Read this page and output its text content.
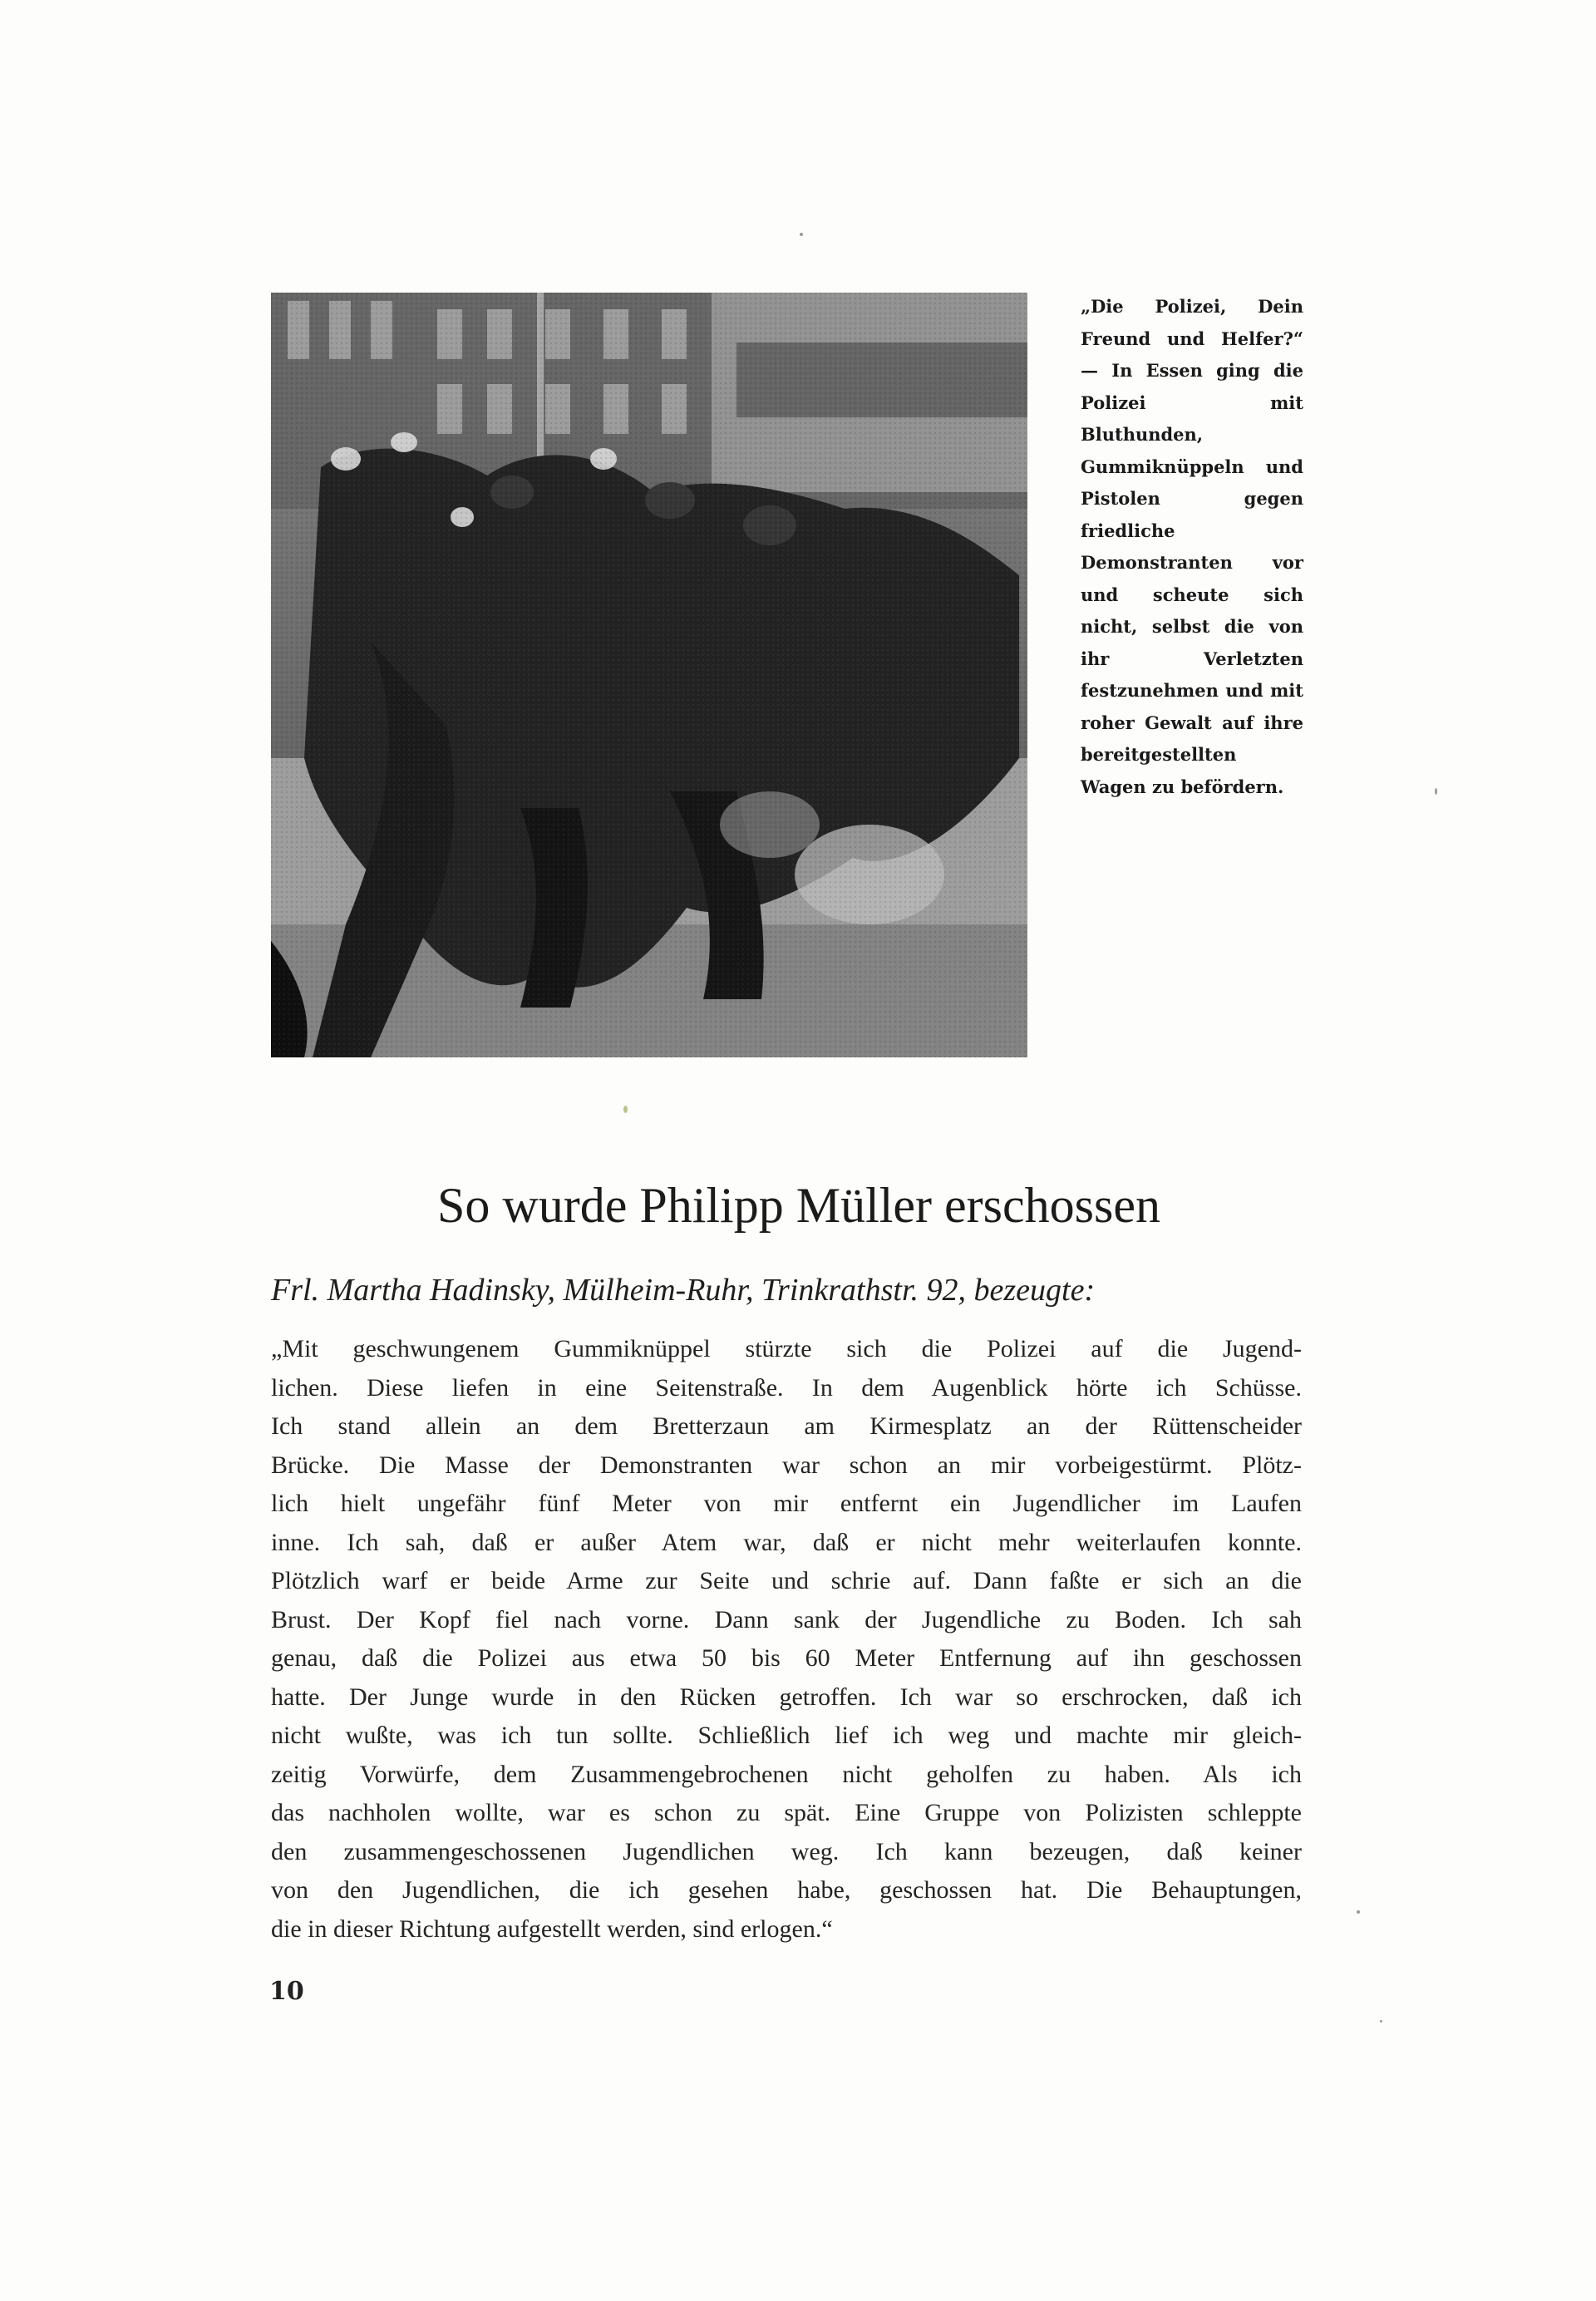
„Die Polizei, Dein Freund und Helfer?“ — In Essen ging die Polizei mit Bluthunden, Gummiknüppeln und Pistolen gegen friedliche Demonstranten vor und scheute sich nicht, selbst die von ihr Verletzten festzunehmen und mit roher Gewalt auf ihre bereitgestellten Wagen zu befördern.
So wurde Philipp Müller erschossen
Frl. Martha Hadinsky, Mülheim-Ruhr, Trinkrathstr. 92, bezeugte:
„Mit geschwungenem Gummiknüppel stürzte sich die Polizei auf die Jugend-
lichen. Diese liefen in eine Seitenstraße. In dem Augenblick hörte ich Schüsse.
Ich stand allein an dem Bretterzaun am Kirmesplatz an der Rüttenscheider
Brücke. Die Masse der Demonstranten war schon an mir vorbeigestürmt. Plötz-
lich hielt ungefähr fünf Meter von mir entfernt ein Jugendlicher im Laufen
inne. Ich sah, daß er außer Atem war, daß er nicht mehr weiterlaufen konnte.
Plötzlich warf er beide Arme zur Seite und schrie auf. Dann faßte er sich an die
Brust. Der Kopf fiel nach vorne. Dann sank der Jugendliche zu Boden. Ich sah
genau, daß die Polizei aus etwa 50 bis 60 Meter Entfernung auf ihn geschossen
hatte. Der Junge wurde in den Rücken getroffen. Ich war so erschrocken, daß ich
nicht wußte, was ich tun sollte. Schließlich lief ich weg und machte mir gleich-
zeitig Vorwürfe, dem Zusammengebrochenen nicht geholfen zu haben. Als ich
das nachholen wollte, war es schon zu spät. Eine Gruppe von Polizisten schleppte
den zusammengeschossenen Jugendlichen weg. Ich kann bezeugen, daß keiner
von den Jugendlichen, die ich gesehen habe, geschossen hat. Die Behauptungen,
die in dieser Richtung aufgestellt werden, sind erlogen.“
10
